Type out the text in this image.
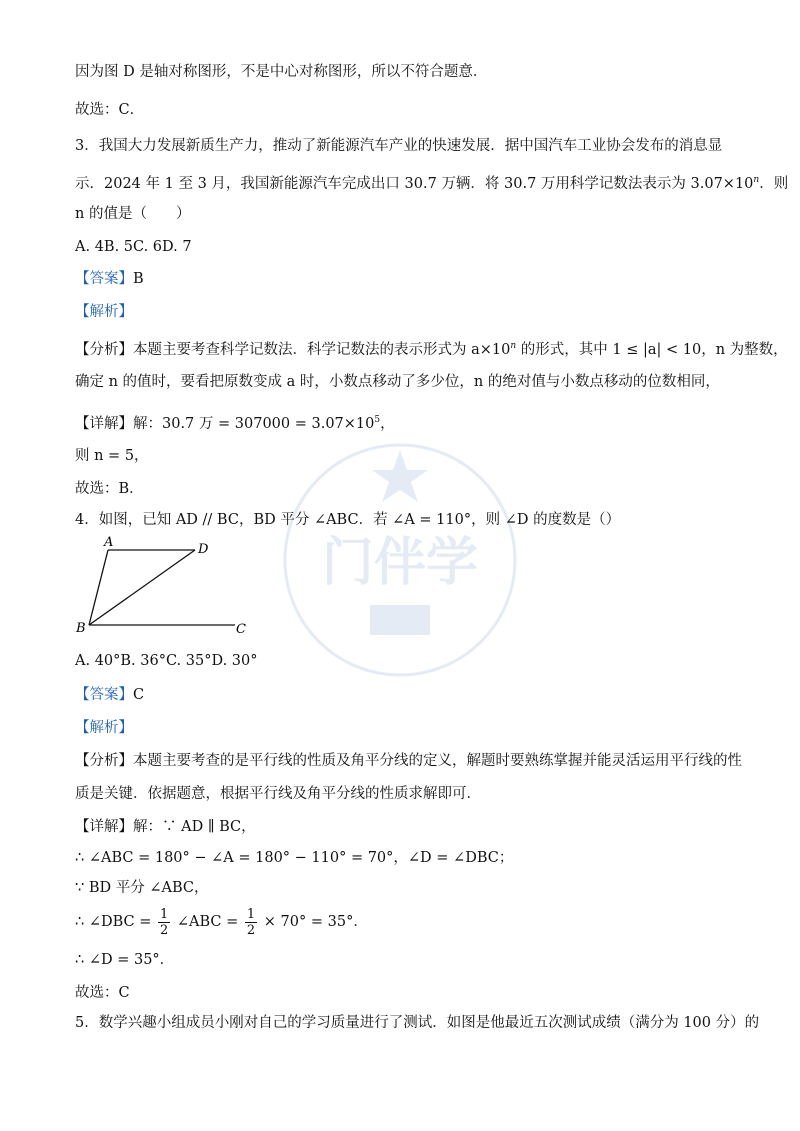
门伴学
因为图 D 是轴对称图形，不是中心对称图形，所以不符合题意．
故选：C．
3．我国大力发展新质生产力，推动了新能源汽车产业的快速发展．据中国汽车工业协会发布的消息显
示．2024 年 1 至 3 月，我国新能源汽车完成出口 30.7 万辆．将 30.7 万用科学记数法表示为 $3.07\times 10^n$．则
n 的值是（　　）
A. 4B. 5C. 6D. 7
【答案】B
【解析】
【分析】本题主要考查科学记数法．科学记数法的表示形式为 $a\times 10^n$ 的形式，其中 1 ≤ |a| < 10，n 为整数，
确定 n 的值时，要看把原数变成 a 时，小数点移动了多少位，n 的绝对值与小数点移动的位数相同，
【详解】解：30.7 万 = $307000 = 3.07\times 10^5$，
则 n = 5，
故选：B．
4．如图，已知 AD // BC，BD 平分 ∠ABC．若 ∠A = 110°，则 ∠D 的度数是（）
A	D
B	C
A. 40°B. 36°C. 35°D. 30°
【答案】C
【解析】
【分析】本题主要考查的是平行线的性质及角平分线的定义，解题时要熟练掌握并能灵活运用平行线的性
质是关键．依据题意，根据平行线及角平分线的性质求解即可．
【详解】解：∵ AD ∥ BC，
∴ ∠ABC = 180° − ∠A = 180° − 110° = 70°，∠D = ∠DBC；
∵ BD 平分 ∠ABC，
∴ ∠DBC = $\frac{1}{2}$ ∠ABC = $\frac{1}{2} \times 70^\circ = 35^\circ$．
∴ ∠D = 35°．
故选：C
5．数学兴趣小组成员小刚对自己的学习质量进行了测试．如图是他最近五次测试成绩（满分为 100 分）的
